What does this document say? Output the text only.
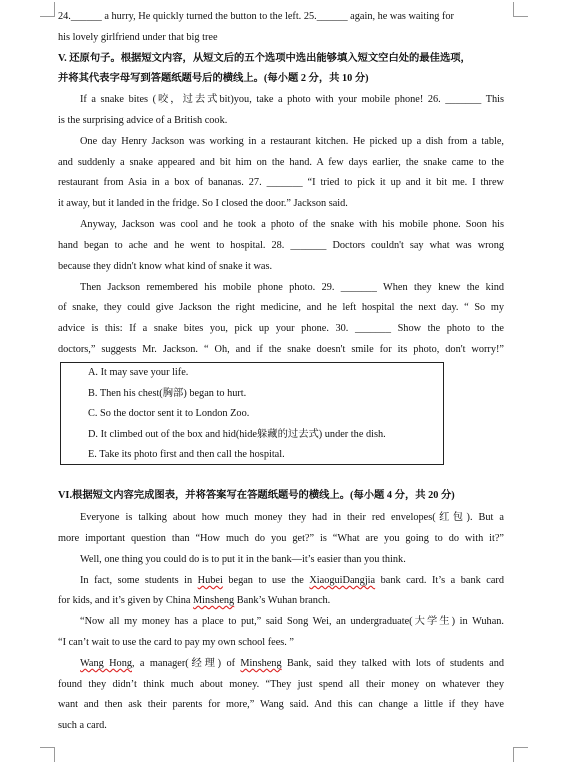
24.______ a hurry, He quickly turned the button to the left. 25.______ again, he was waiting for
his lovely girlfriend under that big tree
V. 还原句子。根据短文内容，从短文后的五个选项中选出能够填入短文空白处的最佳选项，
并将其代表字母写到答题纸题号后的横线上。(每小题 2 分，共 10 分)
If a snake bites (咬，过去式bit)you, take a photo with your mobile phone! 26. _______ This
is the surprising advice of a British cook.
One day Henry Jackson was working in a restaurant kitchen. He picked up a dish from a table,
and suddenly a snake appeared and bit him on the hand. A few days earlier, the snake came to the
restaurant from Asia in a box of bananas. 27. _______ “I tried to pick it up and it bit me. I threw
it away, but it landed in the fridge. So I closed the door.” Jackson said.
Anyway, Jackson was cool and he took a photo of the snake with his mobile phone. Soon his
hand began to ache and he went to hospital. 28. _______ Doctors couldn't say what was wrong
because they didn't know what kind of snake it was.
Then Jackson remembered his mobile phone photo. 29. _______ When they knew the kind
of snake, they could give Jackson the right medicine, and he left hospital the next day. “ So my
advice is this: If a snake bites you, pick up your phone. 30. _______ Show the photo to the
doctors,” suggests Mr. Jackson. “ Oh, and if the snake doesn't smile for its photo, don't worry!”
A. It may save your life.
B. Then his chest(胸部) began to hurt.
C. So the doctor sent it to London Zoo.
D. It climbed out of the box and hid(hide躲藏的过去式) under the dish.
E. Take its photo first and then call the hospital.
VI.根据短文内容完成图表，并将答案写在答题纸题号的横线上。(每小题 4 分，共 20 分)
Everyone is talking about how much money they had in their red envelopes(红包). But a
more important question than “How much do you get?” is “What are you going to do with it?”
Well, one thing you could do is to put it in the bank—it’s easier than you think.
In fact, some students in Hubei began to use the XiaoguiDangjia bank card. It’s a bank card
for kids, and it’s given by China Minsheng Bank’s Wuhan branch.
“Now all my money has a place to put,” said Song Wei, an undergraduate(大学生) in Wuhan.
“I can’t wait to use the card to pay my own school fees. ”
Wang Hong, a manager(经理) of Minsheng Bank, said they talked with lots of students and
found they didn’t think much about money. “They just spend all their money on whatever they
want and then ask their parents for more,” Wang said. And this can change a little if they have
such a card.
